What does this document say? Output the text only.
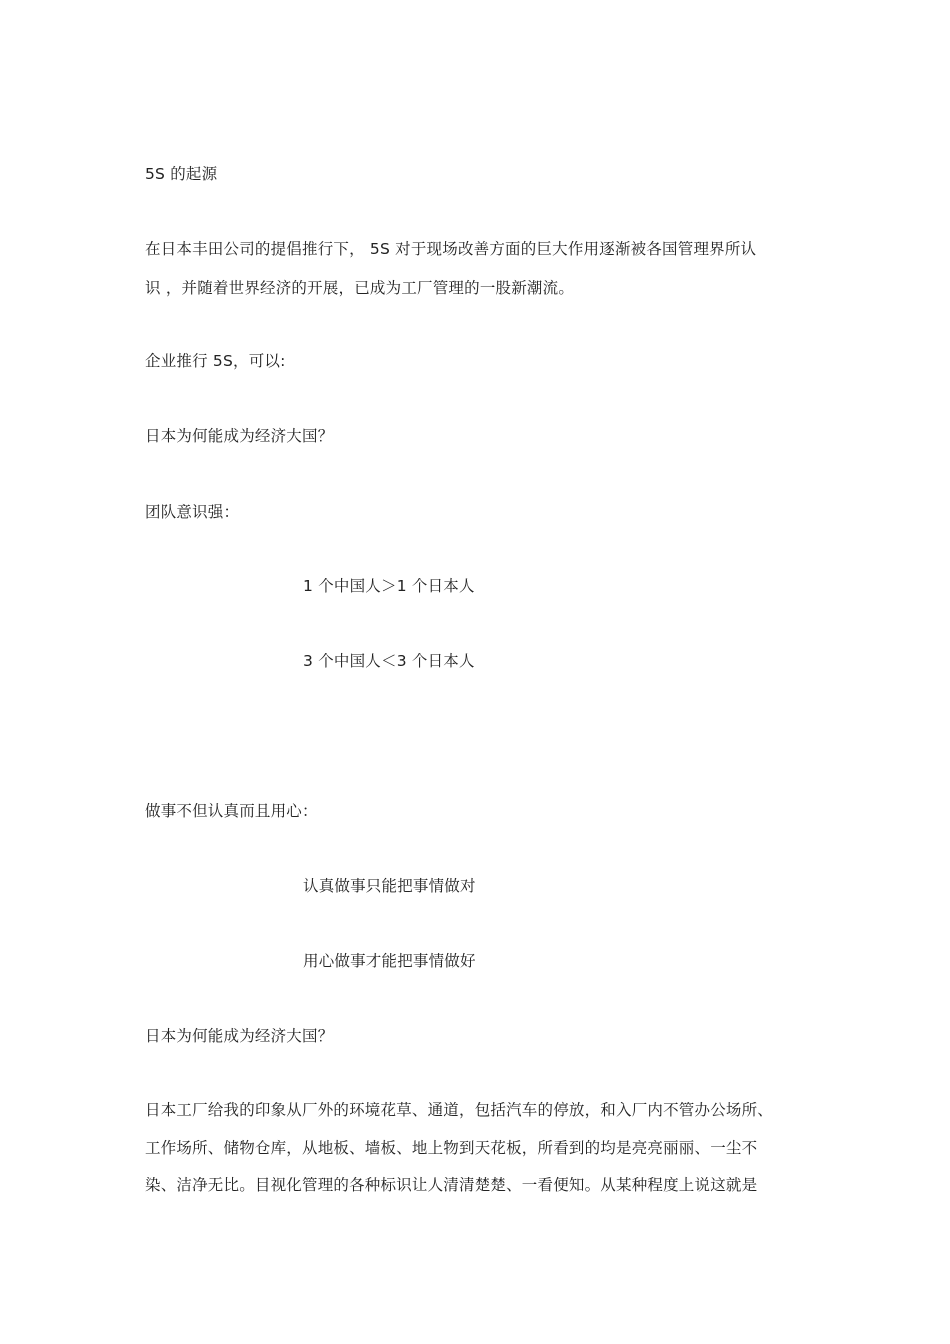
5S 的起源
在日本丰田公司的提倡推行下， 5S 对于现场改善方面的巨大作用逐渐被各国管理界所认
识 ，并随着世界经济的开展，已成为工厂管理的一股新潮流。
企业推行 5S，可以:
日本为何能成为经济大国？
团队意识强：
1 个中国人＞1 个日本人
3 个中国人＜3 个日本人
做事不但认真而且用心：
认真做事只能把事情做对
用心做事才能把事情做好
日本为何能成为经济大国？
日本工厂给我的印象从厂外的环境花草、通道，包括汽车的停放，和入厂内不管办公场所、
工作场所、储物仓库，从地板、墙板、地上物到天花板，所看到的均是亮亮丽丽、一尘不
染、洁净无比。目视化管理的各种标识让人清清楚楚、一看便知。从某种程度上说这就是
